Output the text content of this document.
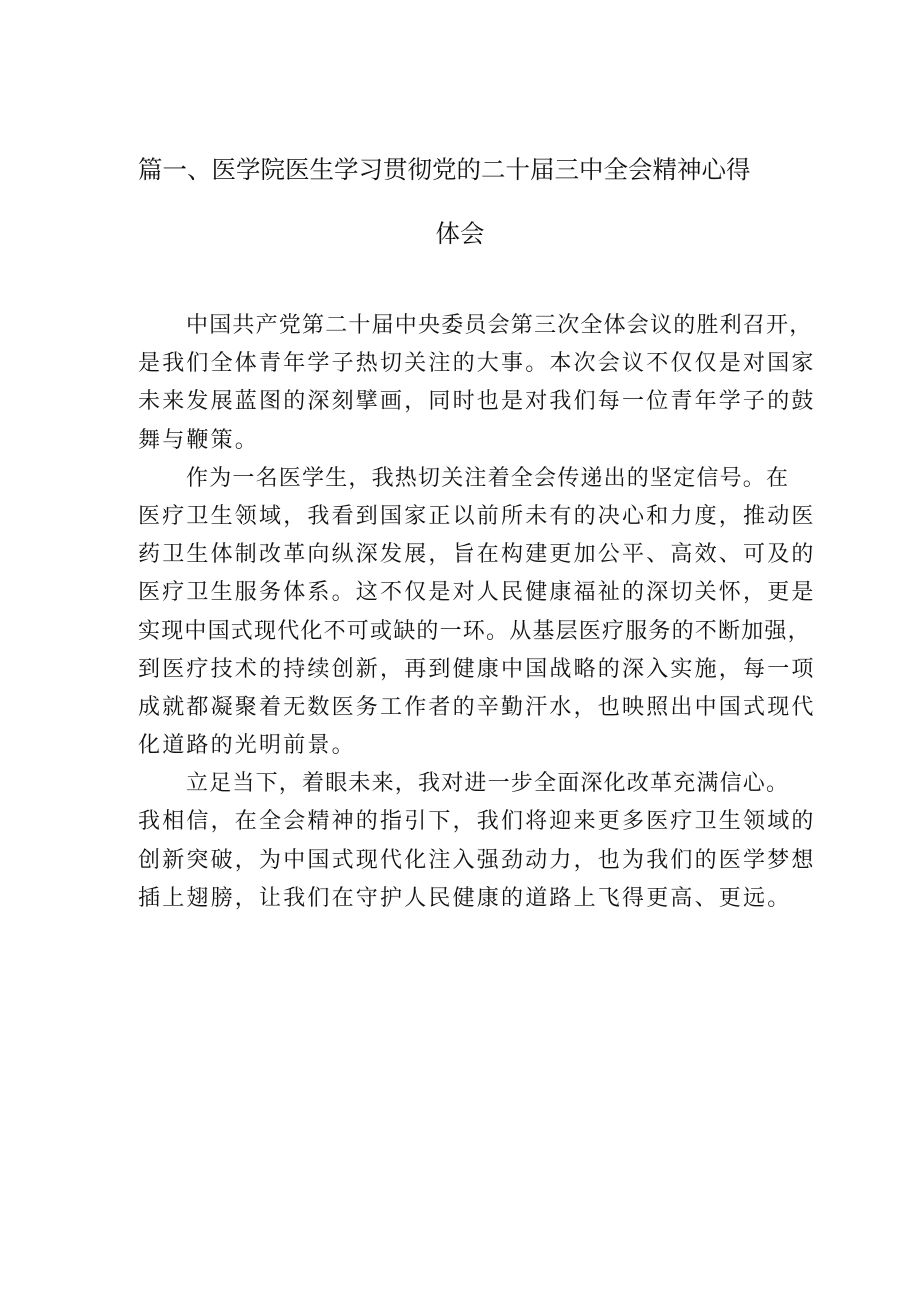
篇一、医学院医生学习贯彻党的二十届三中全会精神心得
体会
中国共产党第二十届中央委员会第三次全体会议的胜利召开，
是我们全体青年学子热切关注的大事。本次会议不仅仅是对国家
未来发展蓝图的深刻擘画，同时也是对我们每一位青年学子的鼓
舞与鞭策。
作为一名医学生，我热切关注着全会传递出的坚定信号。在
医疗卫生领域，我看到国家正以前所未有的决心和力度，推动医
药卫生体制改革向纵深发展，旨在构建更加公平、高效、可及的
医疗卫生服务体系。这不仅是对人民健康福祉的深切关怀，更是
实现中国式现代化不可或缺的一环。从基层医疗服务的不断加强，
到医疗技术的持续创新，再到健康中国战略的深入实施，每一项
成就都凝聚着无数医务工作者的辛勤汗水，也映照出中国式现代
化道路的光明前景。
立足当下，着眼未来，我对进一步全面深化改革充满信心。
我相信，在全会精神的指引下，我们将迎来更多医疗卫生领域的
创新突破，为中国式现代化注入强劲动力，也为我们的医学梦想
插上翅膀，让我们在守护人民健康的道路上飞得更高、更远。
